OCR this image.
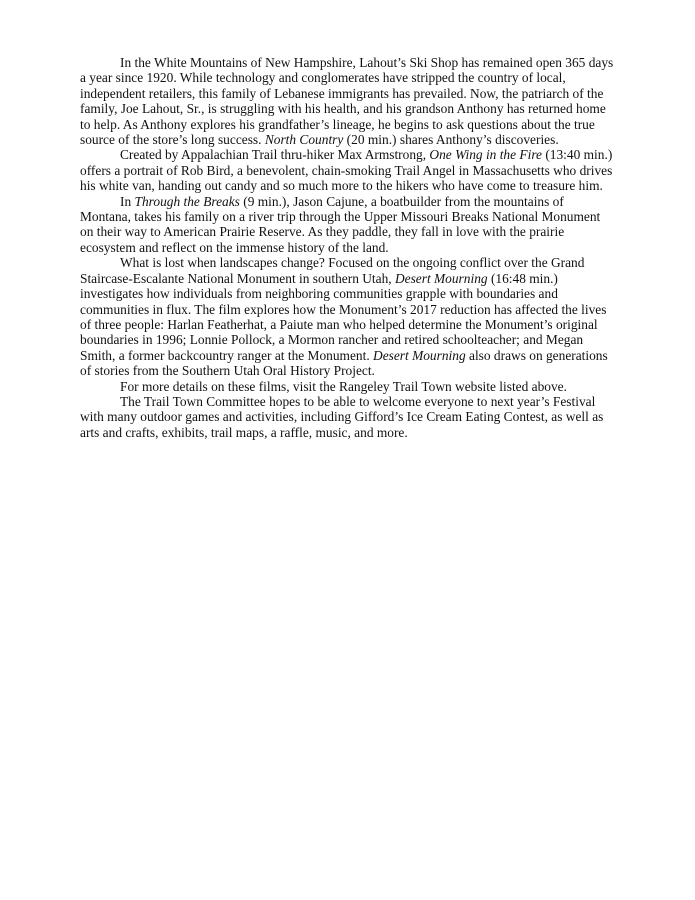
In the White Mountains of New Hampshire, Lahout’s Ski Shop has remained open 365 days a year since 1920. While technology and conglomerates have stripped the country of local, independent retailers, this family of Lebanese immigrants has prevailed. Now, the patriarch of the family, Joe Lahout, Sr., is struggling with his health, and his grandson Anthony has returned home to help. As Anthony explores his grandfather’s lineage, he begins to ask questions about the true source of the store’s long success. North Country (20 min.) shares Anthony’s discoveries.

Created by Appalachian Trail thru-hiker Max Armstrong, One Wing in the Fire (13:40 min.) offers a portrait of Rob Bird, a benevolent, chain-smoking Trail Angel in Massachusetts who drives his white van, handing out candy and so much more to the hikers who have come to treasure him.

In Through the Breaks (9 min.), Jason Cajune, a boatbuilder from the mountains of Montana, takes his family on a river trip through the Upper Missouri Breaks National Monument on their way to American Prairie Reserve. As they paddle, they fall in love with the prairie ecosystem and reflect on the immense history of the land.

What is lost when landscapes change? Focused on the ongoing conflict over the Grand Staircase-Escalante National Monument in southern Utah, Desert Mourning (16:48 min.) investigates how individuals from neighboring communities grapple with boundaries and communities in flux. The film explores how the Monument’s 2017 reduction has affected the lives of three people: Harlan Featherhat, a Paiute man who helped determine the Monument’s original boundaries in 1996; Lonnie Pollock, a Mormon rancher and retired schoolteacher; and Megan Smith, a former backcountry ranger at the Monument. Desert Mourning also draws on generations of stories from the Southern Utah Oral History Project.

For more details on these films, visit the Rangeley Trail Town website listed above.

The Trail Town Committee hopes to be able to welcome everyone to next year’s Festival with many outdoor games and activities, including Gifford’s Ice Cream Eating Contest, as well as arts and crafts, exhibits, trail maps, a raffle, music, and more.
